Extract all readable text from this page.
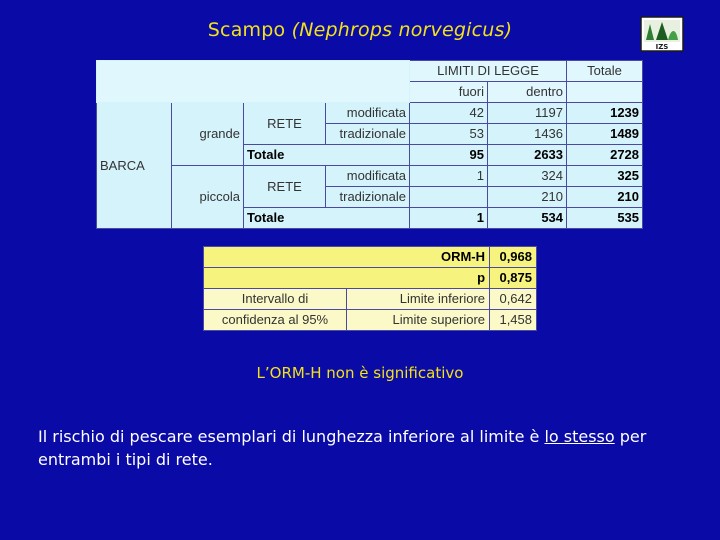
Scampo (Nephrops norvegicus)
IZS
				LIMITI DI LEGGE		Totale
				fuori	dentro	
BARCA	grande	RETE	modificata	42	1197	1239
			tradizionale	53	1436	1489
		Totale		95	2633	2728
	piccola	RETE	modificata	1	324	325
			tradizionale		210	210
		Totale		1	534	535
ORM-H		0,968
p		0,875
Intervallo di	Limite inferiore	0,642
confidenza al 95%	Limite superiore	1,458
L’ORM-H non è significativo
Il rischio di pescare esemplari di lunghezza inferiore al limite è lo stesso per entrambi i tipi di rete.
